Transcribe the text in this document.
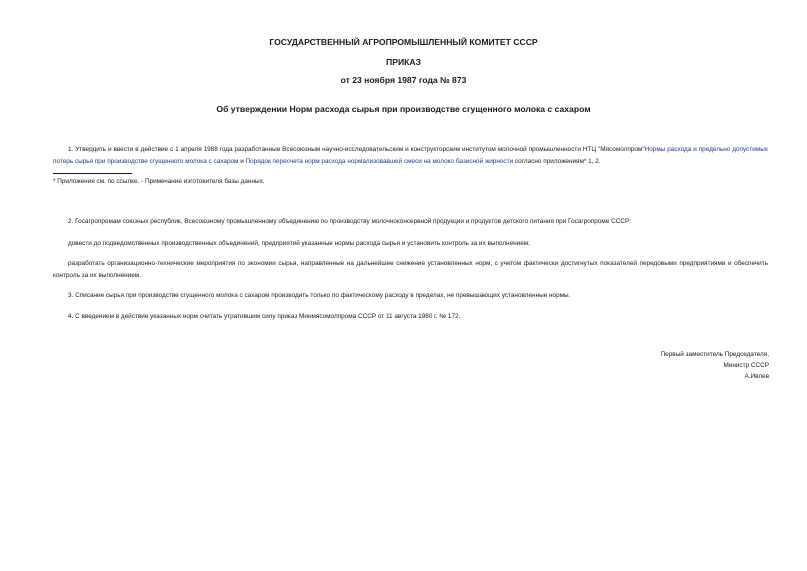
ГОСУДАРСТВЕННЫЙ АГРОПРОМЫШЛЕННЫЙ КОМИТЕТ СССР
ПРИКАЗ
от 23 ноября 1987 года № 873
Об утверждении Норм расхода сырья при производстве сгущенного молока с сахаром
1. Утвердить и ввести в действие с 1 апреля 1988 года разработанные Всесоюзным научно-исследовательским и конструкторским институтом молочной промышленности НТЦ "Мясомолпром"Нормы расхода и предельно допустимых потерь сырья при производстве сгущенного молока с сахаром и Порядок пересчета норм расхода нормализовавшей смеси на молоко базисной жирности согласно приложениям* 1, 2.
* Приложения см. по ссылке. - Примечание изготовителя базы данных.
2. Госагропромам союзных республик, Всесоюзному промышленному объединению по производству молочноконсервной продукции и продуктов детского питания при Госагропроме СССР:
довести до подведомственных производственных объединений, предприятий указанные нормы расхода сырья и установить контроль за их выполнением;
разработать организационно-технические мероприятия по экономии сырья, направленные на дальнейшее снижение установленных норм, с учетом фактически достигнутых показателей передовыми предприятиями и обеспечить контроль за их выполнением.
3. Списание сырья при производстве сгущенного молока с сахаром производить только по фактическому расходу в пределах, не превышающих установленные нормы.
4. С введением в действие указанных норм считать утратившим силу приказ Минмясомолпрома СССР от 11 августа 1980 г. № 172.
Первый заместитель Председателя,
Министр СССР
А.Ивлев
